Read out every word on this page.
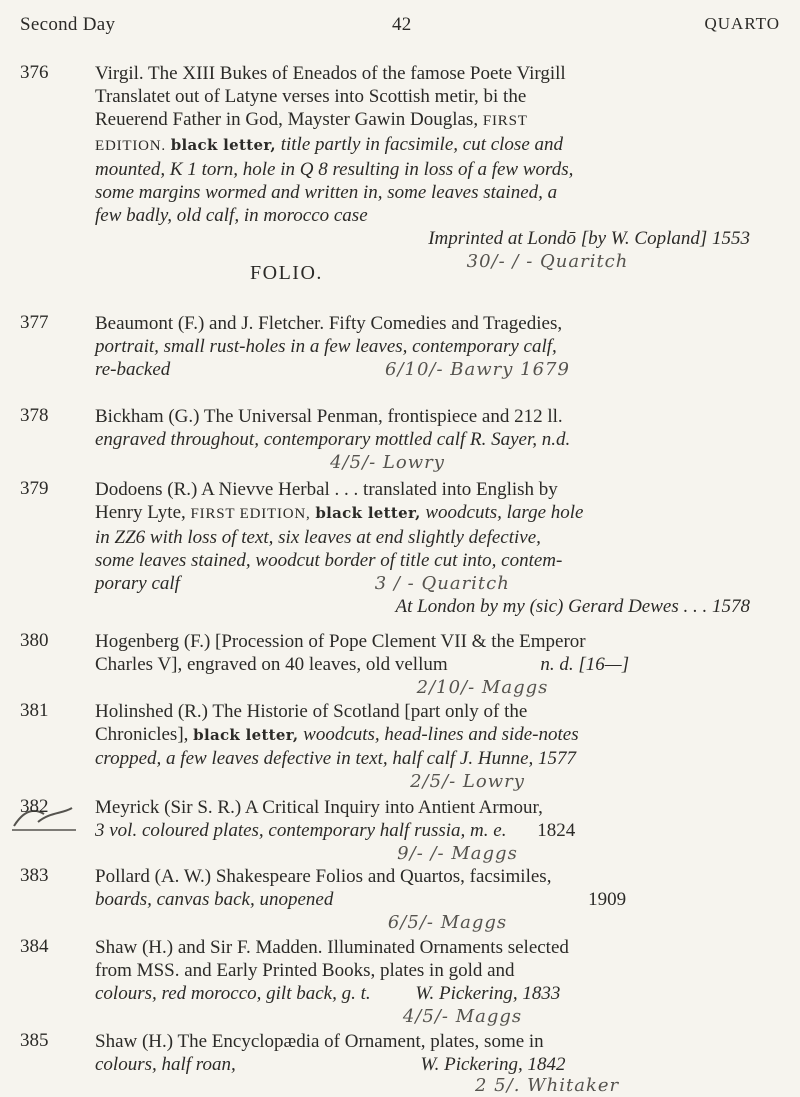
Second Day	42	QUARTO
376	Virgil. The XIII Bukes of Eneados of the famose Poete Virgill
Translatet out of Latyne verses into Scottish metir, bi the
Reuerend Father in God, Mayster Gawin Douglas, FIRST
EDITION. black letter, title partly in facsimile, cut close and
mounted, K 1 torn, hole in Q 8 resulting in loss of a few words,
some margins wormed and written in, some leaves stained, a
few badly, old calf, in morocco case

Imprinted at Londō [by W. Copland] 1553
30/- / - Quaritch
FOLIO.
377	Beaumont (F.) and J. Fletcher. Fifty Comedies and Tragedies,
portrait, small rust-holes in a few leaves, contemporary calf,
re-backed	6/10/- Bawry 1679
378	Bickham (G.) The Universal Penman, frontispiece and 212 ll.
engraved throughout, contemporary mottled calf R. Sayer, n.d.

4/5/- Lowry
379	Dodoens (R.) A Nievve Herbal . . . translated into English by
Henry Lyte, FIRST EDITION, black letter, woodcuts, large hole
in ZZ6 with loss of text, six leaves at end slightly defective,
some leaves stained, woodcut border of title cut into, contem-
porary calf	3 / - Quaritch

At London by my (sic) Gerard Dewes . . . 1578
380	Hogenberg (F.) [Procession of Pope Clement VII & the Emperor
Charles V], engraved on 40 leaves, old vellum	n. d. [16—]

2/10/- Maggs
381	Holinshed (R.) The Historie of Scotland [part only of the
Chronicles], black letter, woodcuts, head-lines and side-notes
cropped, a few leaves defective in text, half calf J. Hunne, 1577

2/5/- Lowry
382	Meyrick (Sir S. R.) A Critical Inquiry into Antient Armour,
3 vol. coloured plates, contemporary half russia, m. e. 1824

9/- /- Maggs
383	Pollard (A. W.) Shakespeare Folios and Quartos, facsimiles,
boards, canvas back, unopened	1909

6/5/- Maggs
384	Shaw (H.) and Sir F. Madden. Illuminated Ornaments selected
from MSS. and Early Printed Books, plates in gold and
colours, red morocco, gilt back, g. t. W. Pickering, 1833

4/5/- Maggs
385	Shaw (H.) The Encyclopædia of Ornament, plates, some in
colours, half roan,	W. Pickering, 1842
2 5/. Whitaker
